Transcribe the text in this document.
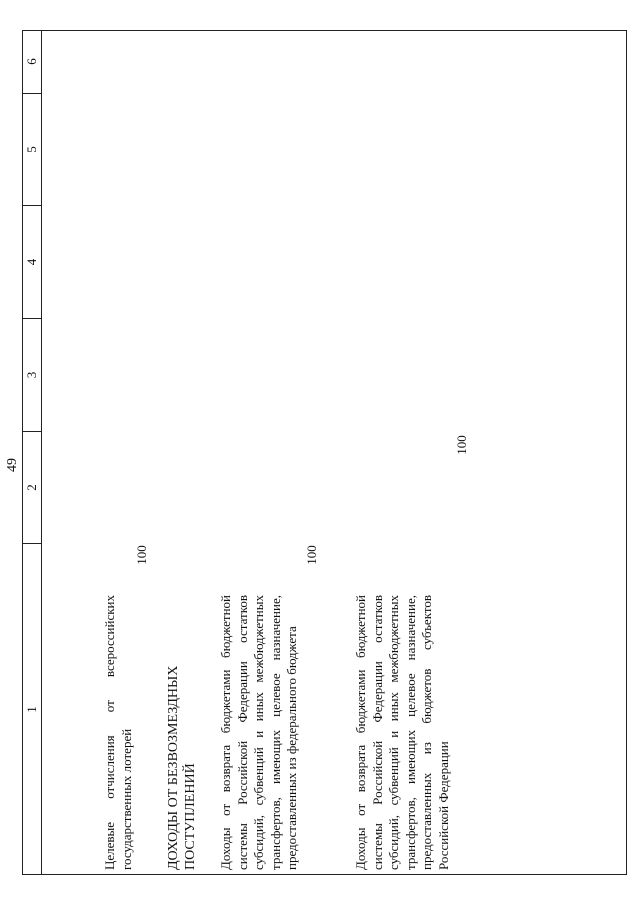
49
1
2
3
4
5
6
Целевые отчисления от всероссийских государственных лотерей
100
ДОХОДЫ ОТ БЕЗВОЗМЕЗДНЫХ ПОСТУПЛЕНИЙ Доходы от возврата бюджетами бюджетной системы Российской Федерации остатков субсидий, субвенций и иных межбюджетных трансфертов, имеющих целевое назначение, предоставленных из федерального бюджета
100
Доходы от возврата бюджетами бюджетной системы Российской Федерации остатков субсидий, субвенций и иных межбюджетных трансфертов, имеющих целевое назначение, предоставленных из бюджетов субъектов Российской Федерации
100
